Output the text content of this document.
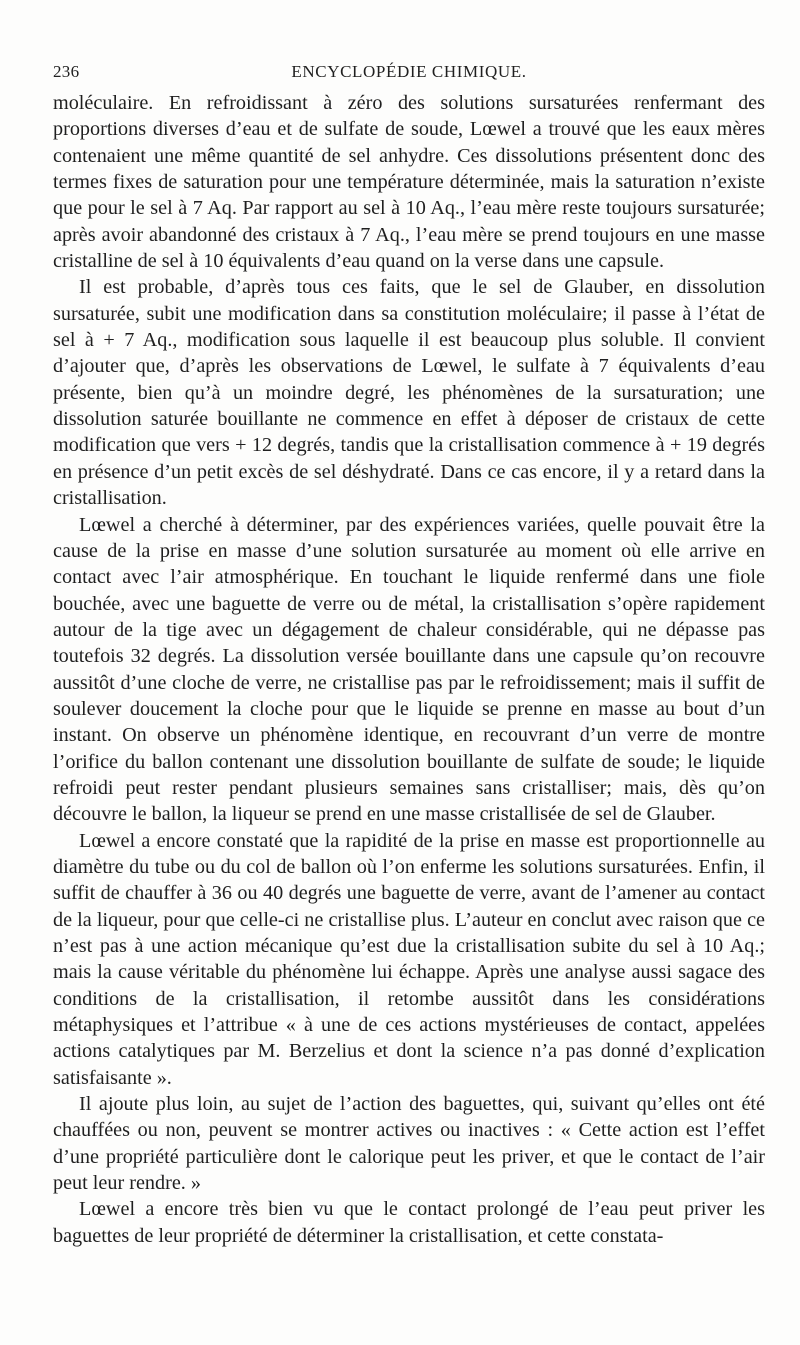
236	ENCYCLOPÉDIE CHIMIQUE.

moléculaire. En refroidissant à zéro des solutions sursaturées renfermant des proportions diverses d’eau et de sulfate de soude, Lœwel a trouvé que les eaux mères contenaient une même quantité de sel anhydre. Ces dissolutions présentent donc des termes fixes de saturation pour une température déterminée, mais la saturation n’existe que pour le sel à 7 Aq. Par rapport au sel à 10 Aq., l’eau mère reste toujours sursaturée; après avoir abandonné des cristaux à 7 Aq., l’eau mère se prend toujours en une masse cristalline de sel à 10 équivalents d’eau quand on la verse dans une capsule.

Il est probable, d’après tous ces faits, que le sel de Glauber, en dissolution sursaturée, subit une modification dans sa constitution moléculaire; il passe à l’état de sel à + 7 Aq., modification sous laquelle il est beaucoup plus soluble. Il convient d’ajouter que, d’après les observations de Lœwel, le sulfate à 7 équivalents d’eau présente, bien qu’à un moindre degré, les phénomènes de la sursaturation; une dissolution saturée bouillante ne commence en effet à déposer de cristaux de cette modification que vers + 12 degrés, tandis que la cristallisation commence à + 19 degrés en présence d’un petit excès de sel déshydraté. Dans ce cas encore, il y a retard dans la cristallisation.

Lœwel a cherché à déterminer, par des expériences variées, quelle pouvait être la cause de la prise en masse d’une solution sursaturée au moment où elle arrive en contact avec l’air atmosphérique. En touchant le liquide renfermé dans une fiole bouchée, avec une baguette de verre ou de métal, la cristallisation s’opère rapidement autour de la tige avec un dégagement de chaleur considérable, qui ne dépasse pas toutefois 32 degrés. La dissolution versée bouillante dans une capsule qu’on recouvre aussitôt d’une cloche de verre, ne cristallise pas par le refroidissement; mais il suffit de soulever doucement la cloche pour que le liquide se prenne en masse au bout d’un instant. On observe un phénomène identique, en recouvrant d’un verre de montre l’orifice du ballon contenant une dissolution bouillante de sulfate de soude; le liquide refroidi peut rester pendant plusieurs semaines sans cristalliser; mais, dès qu’on découvre le ballon, la liqueur se prend en une masse cristallisée de sel de Glauber.

Lœwel a encore constaté que la rapidité de la prise en masse est proportionnelle au diamètre du tube ou du col de ballon où l’on enferme les solutions sursaturées. Enfin, il suffit de chauffer à 36 ou 40 degrés une baguette de verre, avant de l’amener au contact de la liqueur, pour que celle-ci ne cristallise plus. L’auteur en conclut avec raison que ce n’est pas à une action mécanique qu’est due la cristallisation subite du sel à 10 Aq.; mais la cause véritable du phénomène lui échappe. Après une analyse aussi sagace des conditions de la cristallisation, il retombe aussitôt dans les considérations métaphysiques et l’attribue « à une de ces actions mystérieuses de contact, appelées actions catalytiques par M. Berzelius et dont la science n’a pas donné d’explication satisfaisante ».

Il ajoute plus loin, au sujet de l’action des baguettes, qui, suivant qu’elles ont été chauffées ou non, peuvent se montrer actives ou inactives : « Cette action est l’effet d’une propriété particulière dont le calorique peut les priver, et que le contact de l’air peut leur rendre. »

Lœwel a encore très bien vu que le contact prolongé de l’eau peut priver les baguettes de leur propriété de déterminer la cristallisation, et cette constata-
